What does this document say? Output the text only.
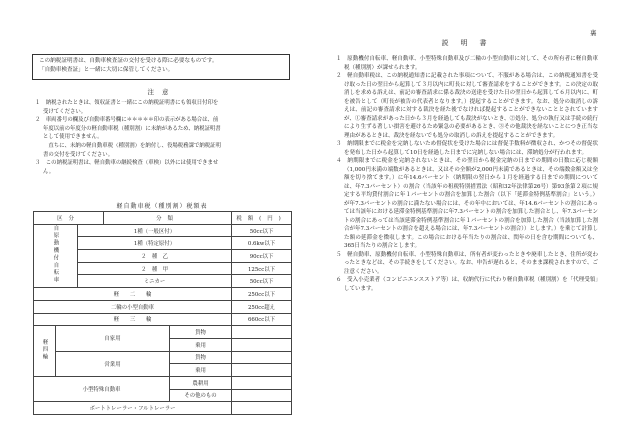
この納税証明書は、自動車検査証の交付を受ける際に必要なものです。
「自動車検査証」と一緒に大切に保管してください。
注意

１　納税されたときは、領収証書と一緒にこの納税証明書にも領収日付印を

受けてください。

２　車両番号の欄及び自動車番号欄に＊＊＊＊＊印の表示がある場合は、前

年度以前の年度分の軽自動車税（種別割）に未納があるため、納税証明書

として使用できません。

　直ちに、未納の軽自動車税（種別割）を納付し、役場税務課で納税証明

書の交付を受けてください。

３　この納税証明書は、軽自動車の継続検査（車検）以外には使用できませ

ん。

軽自動車税（種別割）税額表
区分			分類		税額(円)
自原動機付自転車		1種（一般区付）			50cc以下
		1種（特定原付）			0.6kw以下
		２　種　乙			90cc以下
		２　種　甲			125cc以下
		ミニカー			50cc以下
軽　　二　　輪					250cc以下
二輪の小型自動車					250cc超え
軽　　三　　輪					660cc以下
軽四輪	自家用			貨物	
				乗用	
	営業用			貨物	
				乗用	
小型特殊自動車				農耕用	
				その他のもの	
ボートトレーラー・フルトレーラー					
裏
説明書

１　原動機付自転車、軽自動車、小型特殊自動車及び二輪の小型自動車に対して、その所有者に軽自動車税（種別割）が課せられます。

２　軽自動車税は、この納税通知書に記載された事項について、不服がある場合は、この納税通知書を受け取った日の翌日から起算して３月以内に町長に対して審査請求をすることができます。この決定の取消しを求める訴えは、前記の審査請求に係る裁決の送達を受けた日の翌日から起算して６月以内に、町を被告として（町長が被告の代表者となります。）提起することができます。なお、処分の取消しの訴えは、前記の審査請求に対する裁決を経た後でなければ提起することができないこととされていますが、①審査請求があった日から３月を経過しても裁決がないとき、②処分、処分の執行又は手続の続行により生ずる著しい損害を避けるため緊急の必要があるとき、③その他裁決を経ないことにつき正当な理由があるときは、裁決を経ないでも処分の取消しの訴えを提起することができます。

３　納期限までに税金を完納しないため督促状を受けた場合には督促手数料が徴収され、かつその督促状を発布した日から起算して10日を経過した日までに完納しない場合には、滞納処分が行われます。

４　納期限までに税金を完納されないときは、その翌日から税金完納の日までの期間の日数に応じ税額（1,000円未満の端数があるときは、又はその全額が2,000円未満であるときは、その端数金額又は全額を切り捨てます。）に年14.6パーセント（納期限の翌日から１月を経過する日までの期間については、年7.3パーセント）の割合（当該年の租税特別措置法（昭和32年法律第26号）第93条第２項に規定する平均貸付割合に年１パーセントの割合を加算した割合（以下「延滞金特例基準割合」という。）が年7.3パーセントの割合に満たない場合には、その年中においては、年14.6パーセントの割合にあっては当該年における延滞金特例基準割合に年7.3パーセントの割合を加算した割合とし、年7.3パーセントの割合にあっては当該延滞金特例基準割合に年１パーセントの割合を加算した割合（当該加算した割合が年7.3パーセントの割合を超える場合には、年7.3パーセントの割合））とします。）を乗じて計算した額の延滞金を徴収します。この場合における年当たりの割合は、閏年の日を含む期間についても、365日当たりの割合とします。

５　軽自動車、原動機付自転車、小型特殊自動車は、所有者が変わったときや廃車したとき、住所が変わったときなどは、その手続きをしてください。なお、申告が遅れると、そのまま課税されますので、ご注意ください。

６　受入小売業者（コンビニエンスストア等）は、収納代行に代わり軽自動車税（種別割）を「代理受領」しています。
